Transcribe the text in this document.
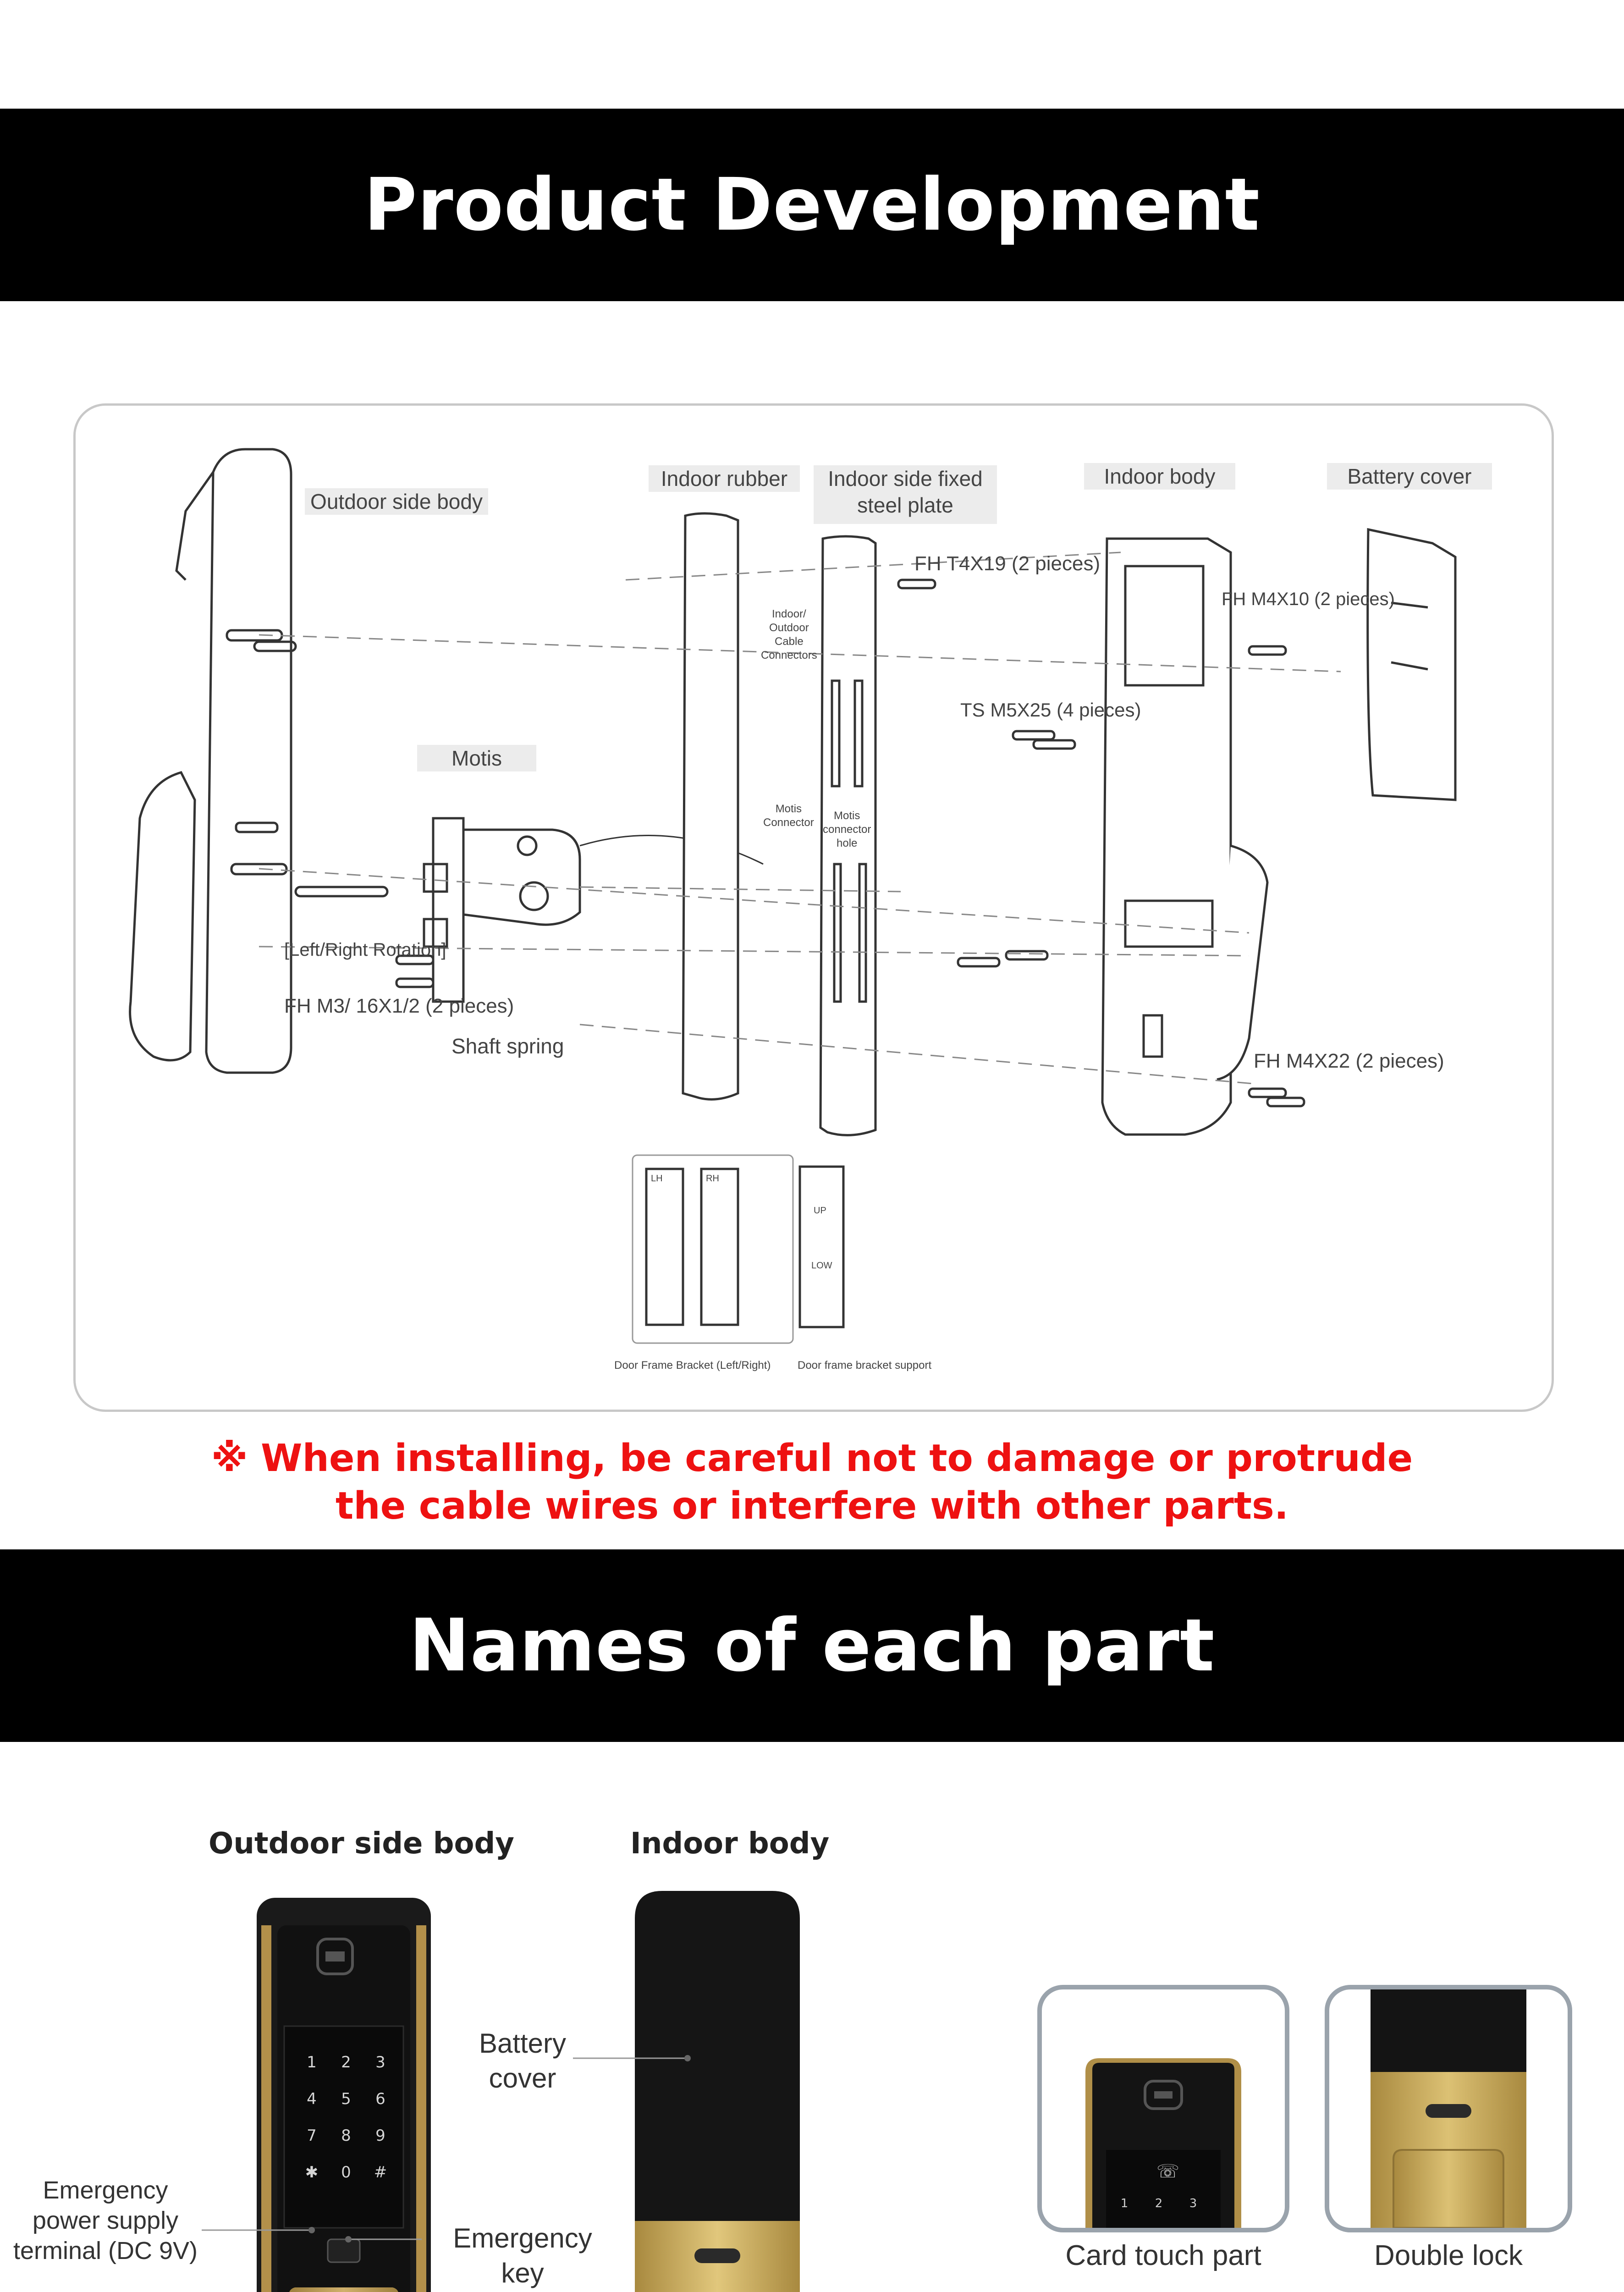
Product Development
Outdoor side body
Indoor rubber	Indoor side fixed
steel plate
Indoor body	Battery cover
Motis
FH T4X19 (2 pieces)
FH M4X10 (2 pieces)
TS M5X25 (4 pieces)
FH M3/ 16X1/2 (2 pieces)
FH M4X22 (2 pieces)
[Left/Right Rotation]
Shaft spring
Indoor/
Outdoor
Cable
Connectors
Motis
Connector
Motis
connector
hole
LH	RH
UP
LOW
Door Frame Bracket (Left/Right) Door frame bracket support
※ When installing, be careful not to damage or protrude
the cable wires or interfere with other parts.
Names of each part
Outdoor side body	Indoor body
1 2 3
4 5 6
7 8 9
✱ 0 #
Battery
cover
Emergency
power supply
terminal (DC 9V)	Emergency
key
☏
1 2 3
Card touch part	Double lock
